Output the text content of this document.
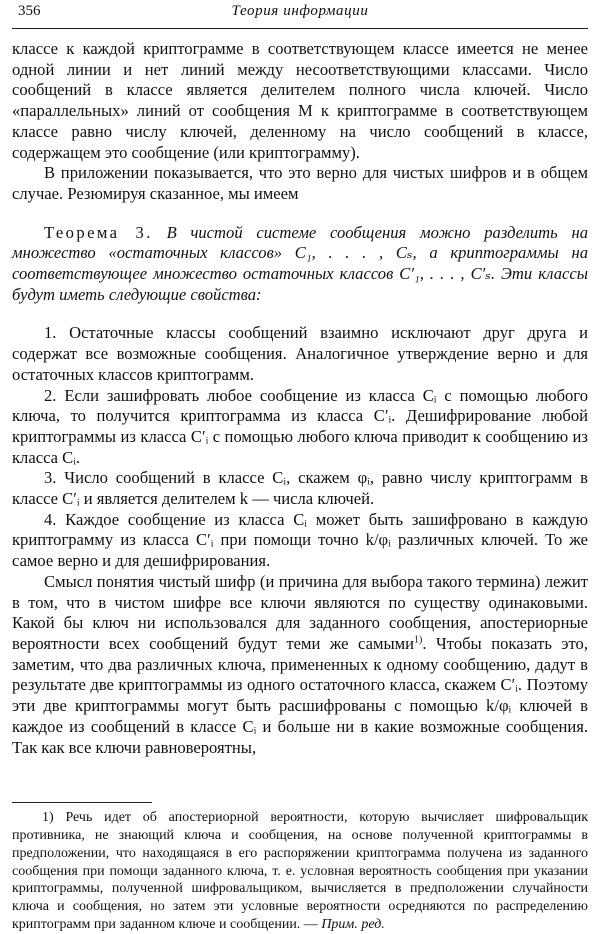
356	Теория информации

классе к каждой криптограмме в соответствующем классе имеется не менее одной линии и нет линий между несоответствующими классами. Число сообщений в классе является делителем полного числа ключей. Число «параллельных» линий от сообщения M к криптограмме в соответствующем классе равно числу ключей, деленному на число сообщений в классе, содержащем это сообщение (или криптограмму).

В приложении показывается, что это верно для чистых шифров и в общем случае. Резюмируя сказанное, мы имеем

Теорема 3. В чистой системе сообщения можно разделить на множество «остаточных классов» C₁, . . . , Cₛ, а криптограммы на соответствующее множество остаточных классов C′₁, . . . , C′ₛ. Эти классы будут иметь следующие свойства:

1. Остаточные классы сообщений взаимно исключают друг друга и содержат все возможные сообщения. Аналогичное утверждение верно и для остаточных классов криптограмм.

2. Если зашифровать любое сообщение из класса Cᵢ с помощью любого ключа, то получится криптограмма из класса C′ᵢ. Дешифрирование любой криптограммы из класса C′ᵢ с помощью любого ключа приводит к сообщению из класса Cᵢ.

3. Число сообщений в классе Cᵢ, скажем φᵢ, равно числу криптограмм в классе C′ᵢ и является делителем k — числа ключей.

4. Каждое сообщение из класса Cᵢ может быть зашифровано в каждую криптограмму из класса C′ᵢ при помощи точно k/φᵢ различных ключей. То же самое верно и для дешифрирования.

Смысл понятия чистый шифр (и причина для выбора такого термина) лежит в том, что в чистом шифре все ключи являются по существу одинаковыми. Какой бы ключ ни использовался для заданного сообщения, апостериорные вероятности всех сообщений будут теми же самыми$^{1)}$. Чтобы показать это, заметим, что два различных ключа, примененных к одному сообщению, дадут в результате две криптограммы из одного остаточного класса, скажем C′ᵢ. Поэтому эти две криптограммы могут быть расшифрованы с помощью k/φᵢ ключей в каждое из сообщений в классе Cᵢ и больше ни в какие возможные сообщения. Так как все ключи равновероятны,

1) Речь идет об апостериорной вероятности, которую вычисляет шифровальщик противника, не знающий ключа и сообщения, на основе полученной криптограммы в предположении, что находящаяся в его распоряжении криптограмма получена из заданного сообщения при помощи заданного ключа, т. е. условная вероятность сообщения при указании криптограммы, полученной шифровальщиком, вычисляется в предположении случайности ключа и сообщения, но затем эти условные вероятности осредняются по распределению криптограмм при заданном ключе и сообщении. — Прим. ред.
